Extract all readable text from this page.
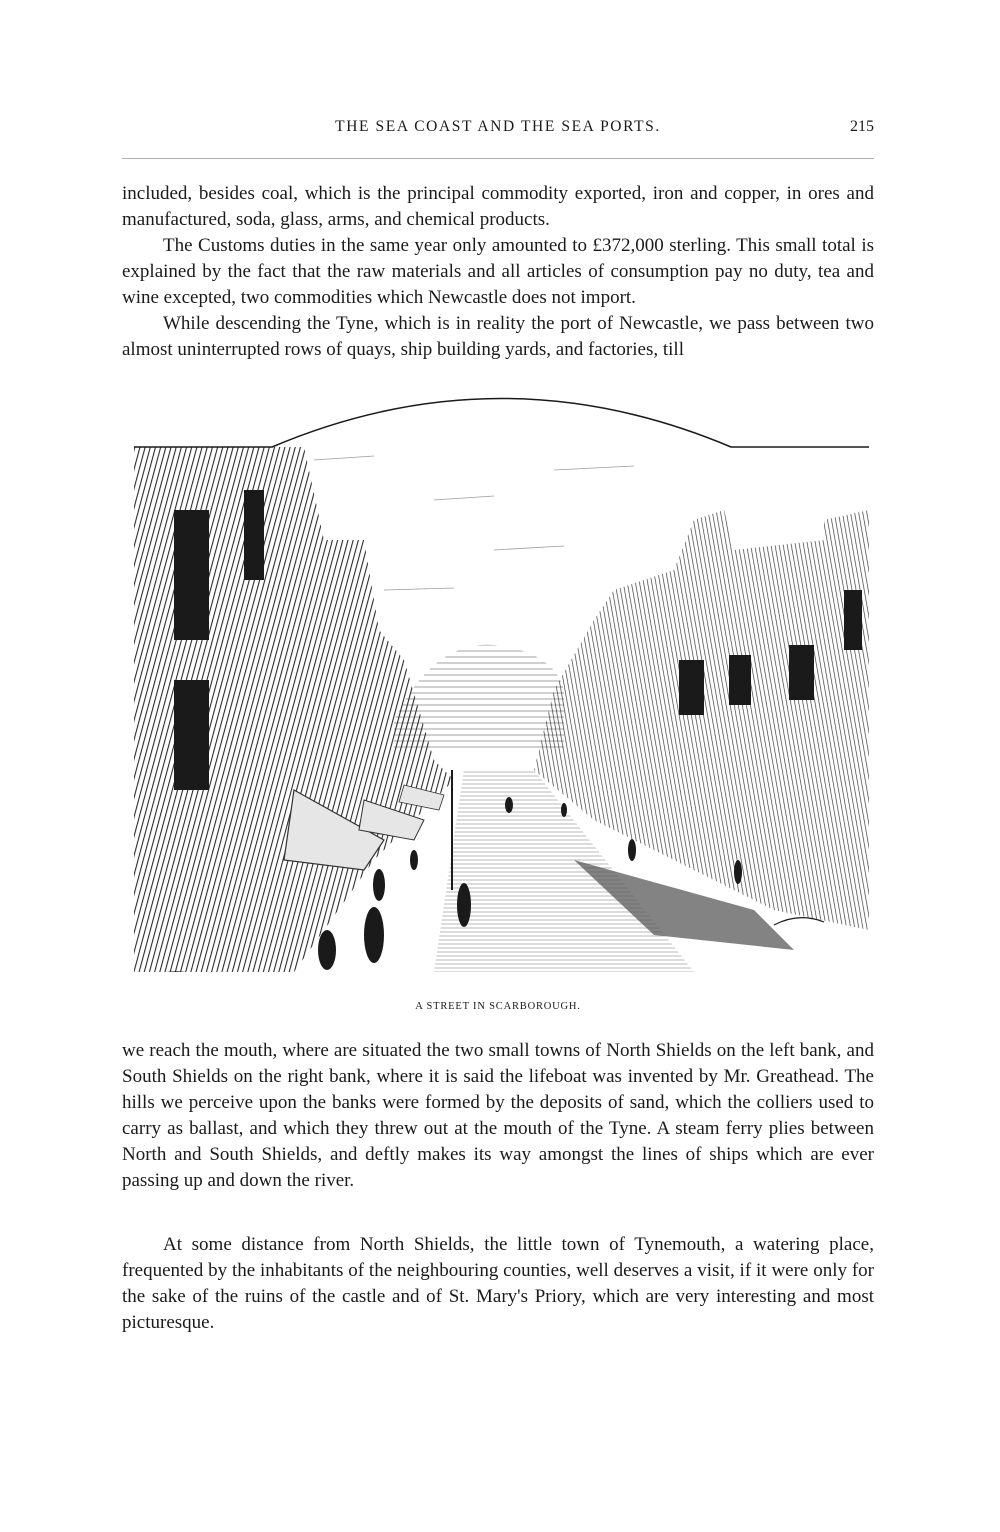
THE SEA COAST AND THE SEA PORTS.	215

included, besides coal, which is the principal commodity exported, iron and copper, in ores and manufactured, soda, glass, arms, and chemical products.

The Customs duties in the same year only amounted to £372,000 sterling. This small total is explained by the fact that the raw materials and all articles of consumption pay no duty, tea and wine excepted, two commodities which Newcastle does not import.

While descending the Tyne, which is in reality the port of Newcastle, we pass between two almost uninterrupted rows of quays, ship building yards, and factories, till

A STREET IN SCARBOROUGH.

we reach the mouth, where are situated the two small towns of North Shields on the left bank, and South Shields on the right bank, where it is said the lifeboat was invented by Mr. Greathead. The hills we perceive upon the banks were formed by the deposits of sand, which the colliers used to carry as ballast, and which they threw out at the mouth of the Tyne. A steam ferry plies between North and South Shields, and deftly makes its way amongst the lines of ships which are ever passing up and down the river.

At some distance from North Shields, the little town of Tynemouth, a watering place, frequented by the inhabitants of the neighbouring counties, well deserves a visit, if it were only for the sake of the ruins of the castle and of St. Mary's Priory, which are very interesting and most picturesque.
